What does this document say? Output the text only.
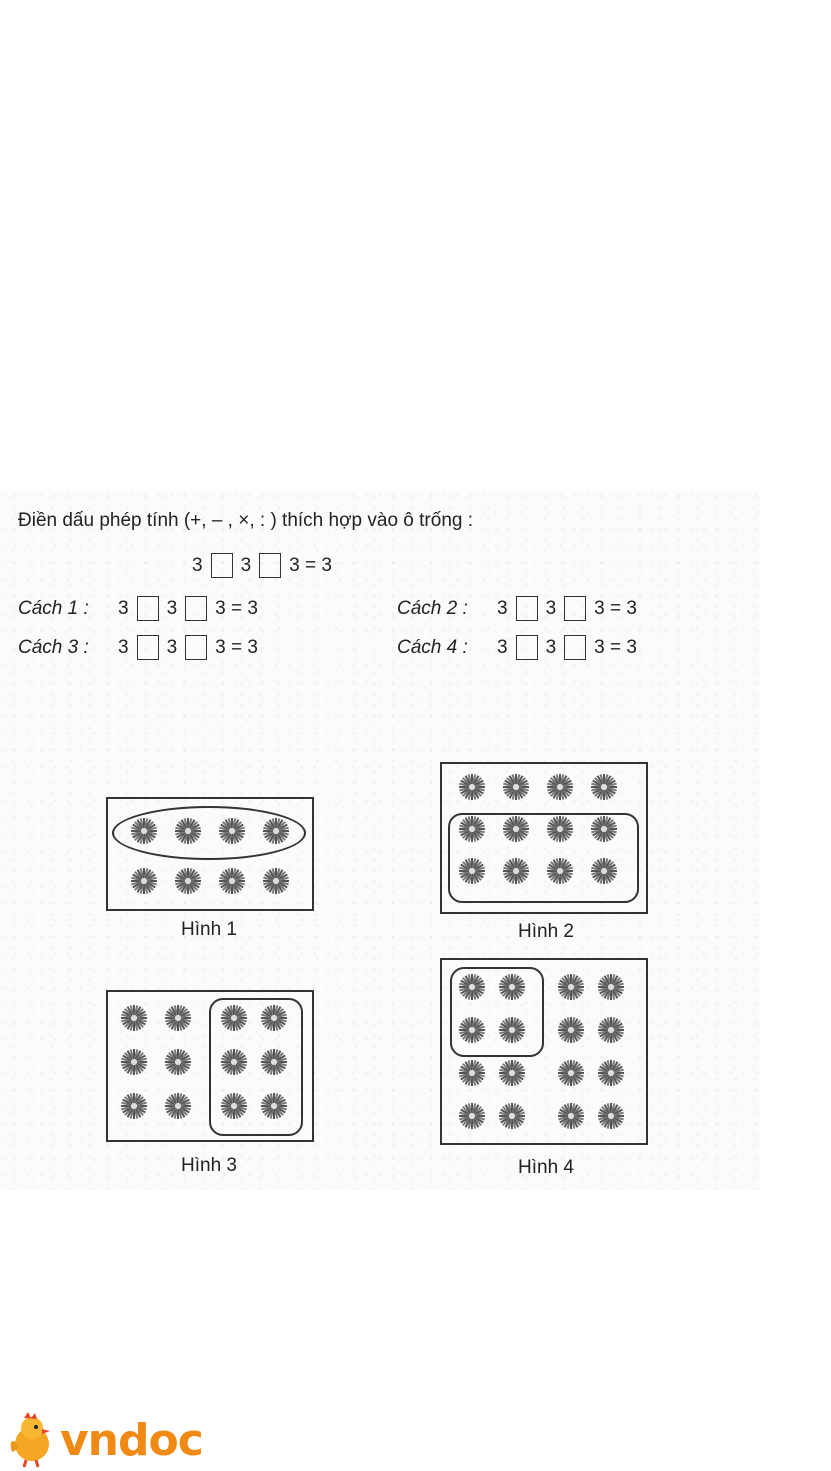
Điền dấu phép tính (+, – , ×, : ) thích hợp vào ô trống :
3 3 3 = 3
Cách 1 :	3 3 3 = 3	Cách 2 :	3 3 3 = 3
Cách 3 :	3 3 3 = 3	Cách 4 :	3 3 3 = 3
Hình 1	Hình 2
Hình 3	Hình 4
vndoc
